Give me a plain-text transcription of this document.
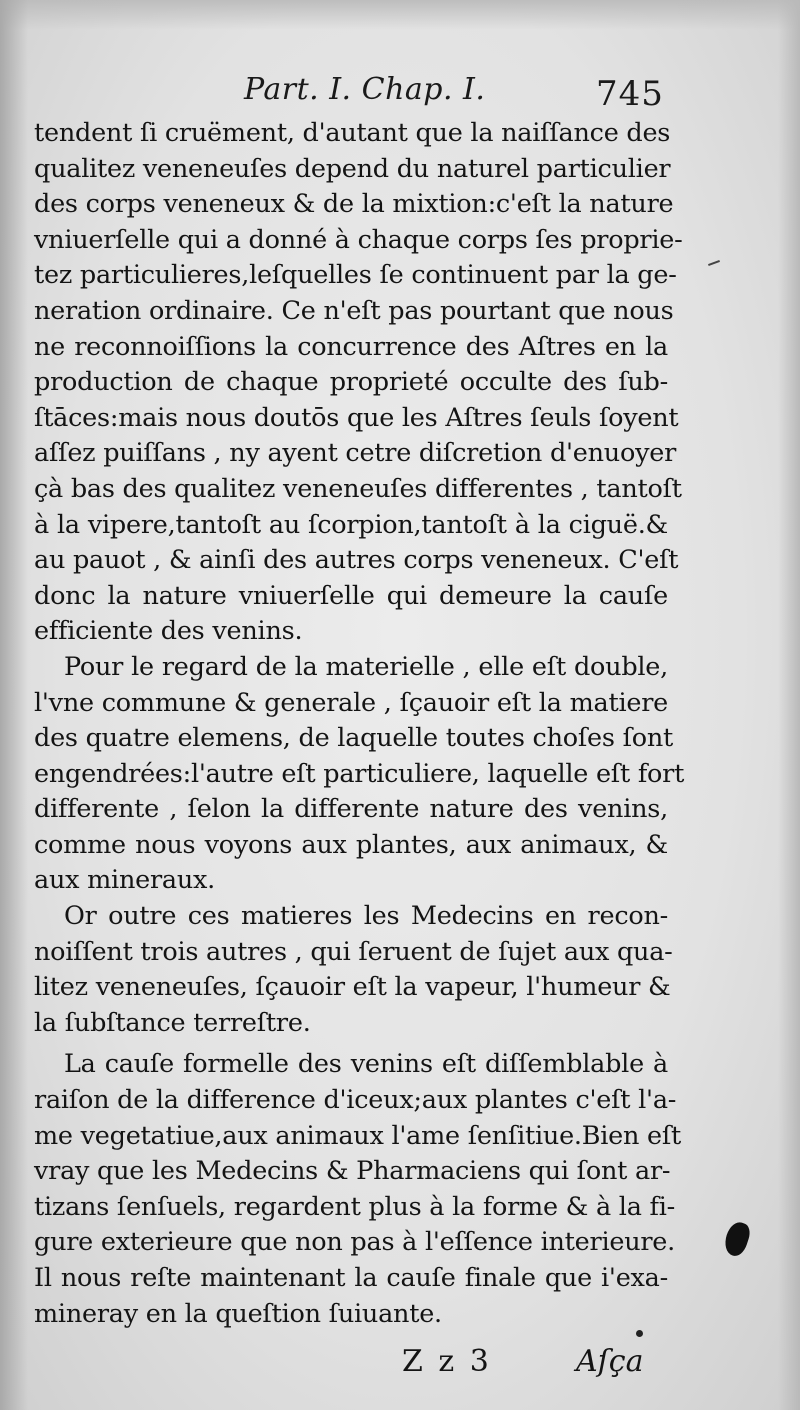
Part. I. Chap. I.	745
tendent ſi cruëment, d'autant que la naiſſance des
qualitez veneneuſes depend du naturel particulier
des corps veneneux & de la mixtion:c'eſt la nature
vniuerſelle qui a donné à chaque corps ſes proprie-
tez particulieres,leſquelles ſe continuent par la ge-
neration ordinaire. Ce n'eſt pas pourtant que nous
ne reconnoiſſions la concurrence des Aſtres en la
production de chaque proprieté occulte des ſub-
ſtāces:mais nous doutōs que les Aſtres ſeuls ſoyent
aſſez puiſſans , ny ayent cetre diſcretion d'enuoyer
çà bas des qualitez veneneuſes differentes , tantoſt
à la vipere,tantoſt au ſcorpion,tantoſt à la ciguë.&
au pauot , & ainſi des autres corps veneneux. C'eſt
donc la nature vniuerſelle qui demeure la cauſe
efficiente des venins.
Pour le regard de la materielle , elle eſt double,
l'vne commune & generale , ſçauoir eſt la matiere
des quatre elemens, de laquelle toutes choſes ſont
engendrées:l'autre eſt particuliere, laquelle eſt fort
differente , ſelon la differente nature des venins,
comme nous voyons aux plantes, aux animaux, &
aux mineraux.
Or outre ces matieres les Medecins en recon-
noiſſent trois autres , qui ſeruent de ſujet aux qua-
litez veneneuſes, ſçauoir eſt la vapeur, l'humeur &
la ſubſtance terreſtre.
La cauſe formelle des venins eſt diſſemblable à
raiſon de la difference d'iceux;aux plantes c'eſt l'a-
me vegetatiue,aux animaux l'ame ſenſitiue.Bien eſt
vray que les Medecins & Pharmaciens qui ſont ar-
tizans ſenſuels, regardent plus à la forme & à la fi-
gure exterieure que non pas à l'eſſence interieure.
Il nous reſte maintenant la cauſe finale que i'exa-
mineray en la queſtion ſuiuante.
Z z 3	Aſça
